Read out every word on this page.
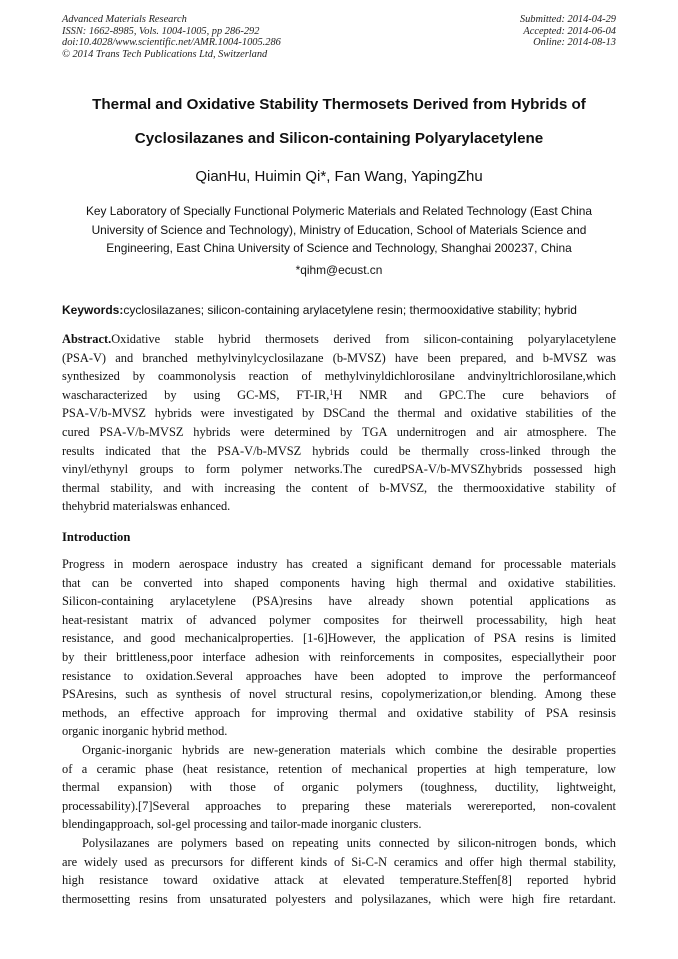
Advanced Materials Research
ISSN: 1662-8985, Vols. 1004-1005, pp 286-292
doi:10.4028/www.scientific.net/AMR.1004-1005.286
© 2014 Trans Tech Publications Ltd, Switzerland
Submitted: 2014-04-29
Accepted: 2014-06-04
Online: 2014-08-13
Thermal and Oxidative Stability Thermosets Derived from Hybrids of
Cyclosilazanes and Silicon-containing Polyarylacetylene
QianHu, Huimin Qi*, Fan Wang, YapingZhu
Key Laboratory of Specially Functional Polymeric Materials and Related Technology (East China
University of Science and Technology), Ministry of Education, School of Materials Science and
Engineering, East China University of Science and Technology, Shanghai 200237, China
*qihm@ecust.cn
Keywords:cyclosilazanes; silicon-containing arylacetylene resin; thermooxidative stability; hybrid
Abstract.Oxidative stable hybrid thermosets derived from silicon-containing polyarylacetylene
(PSA-V) and branched methylvinylcyclosilazane (b-MVSZ) have been prepared, and b-MVSZ was
synthesized by coammonolysis reaction of methylvinyldichlorosilane andvinyltrichlorosilane,which
wascharacterized by using GC-MS, FT-IR,$^1$H NMR and GPC.The cure behaviors of
PSA-V/b-MVSZ hybrids were investigated by DSCand the thermal and oxidative stabilities of the
cured PSA-V/b-MVSZ hybrids were determined by TGA undernitrogen and air atmosphere. The
results indicated that the PSA-V/b-MVSZ hybrids could be thermally cross-linked through the
vinyl/ethynyl groups to form polymer networks.The curedPSA-V/b-MVSZhybrids possessed high
thermal stability, and with increasing the content of b-MVSZ, the thermooxidative stability of
thehybrid materialswas enhanced.
Introduction
Progress in modern aerospace industry has created a significant demand for processable materials
that can be converted into shaped components having high thermal and oxidative stabilities.
Silicon-containing arylacetylene (PSA)resins have already shown potential applications as
heat-resistant matrix of advanced polymer composites for theirwell processability, high heat
resistance, and good mechanicalproperties. [1-6]However, the application of PSA resins is limited
by their brittleness,poor interface adhesion with reinforcements in composites, especiallytheir poor
resistance to oxidation.Several approaches have been adopted to improve the performanceof
PSAresins, such as synthesis of novel structural resins, copolymerization,or blending. Among these
methods, an effective approach for improving thermal and oxidative stability of PSA resinsis
organic inorganic hybrid method.
Organic-inorganic hybrids are new-generation materials which combine the desirable properties
of a ceramic phase (heat resistance, retention of mechanical properties at high temperature, low
thermal expansion) with those of organic polymers (toughness, ductility, lightweight,
processability).[7]Several approaches to preparing these materials werereported, non-covalent
blendingapproach, sol-gel processing and tailor-made inorganic clusters.
Polysilazanes are polymers based on repeating units connected by silicon-nitrogen bonds, which
are widely used as precursors for different kinds of Si-C-N ceramics and offer high thermal stability,
high resistance toward oxidative attack at elevated temperature.Steffen[8] reported hybrid
thermosetting resins from unsaturated polyesters and polysilazanes, which were high fire retardant.
